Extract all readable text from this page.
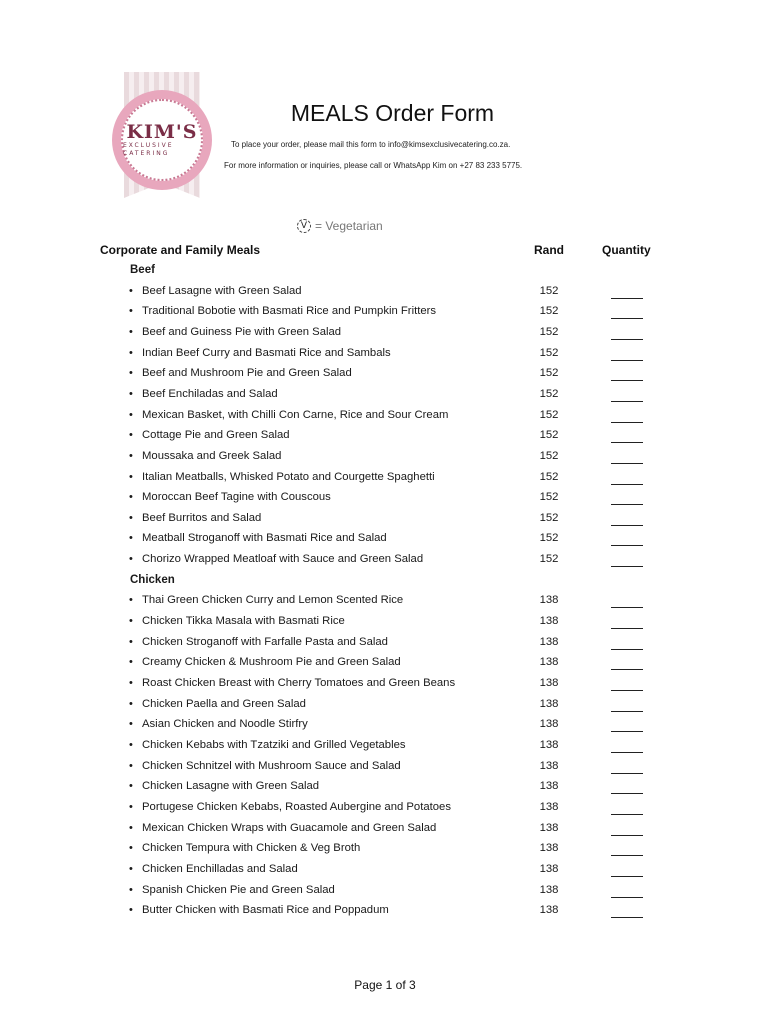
KIM'S
EXCLUSIVE CATERING
MEALS Order Form
To place your order, please mail this form to info@kimsexclusivecatering.co.za.
For more information or inquiries, please call or WhatsApp Kim on +27 83 233 5775.
V = Vegetarian
Corporate and Family Meals	Rand	Quantity
Beef
• Beef Lasagne with Green Salad	152
• Traditional Bobotie with Basmati Rice and Pumpkin Fritters	152
• Beef and Guiness Pie with Green Salad	152
• Indian Beef Curry and Basmati Rice and Sambals	152
• Beef and Mushroom Pie and Green Salad	152
• Beef Enchiladas and Salad	152
• Mexican Basket, with Chilli Con Carne, Rice and Sour Cream	152
• Cottage Pie and Green Salad	152
• Moussaka and Greek Salad	152
• Italian Meatballs, Whisked Potato and Courgette Spaghetti	152
• Moroccan Beef Tagine with Couscous	152
• Beef Burritos and Salad	152
• Meatball Stroganoff with Basmati Rice and Salad	152
• Chorizo Wrapped Meatloaf with Sauce and Green Salad	152
Chicken
• Thai Green Chicken Curry and Lemon Scented Rice	138
• Chicken Tikka Masala with Basmati Rice	138
• Chicken Stroganoff with Farfalle Pasta and Salad	138
• Creamy Chicken & Mushroom Pie and Green Salad	138
• Roast Chicken Breast with Cherry Tomatoes and Green Beans	138
• Chicken Paella and Green Salad	138
• Asian Chicken and Noodle Stirfry	138
• Chicken Kebabs with Tzatziki and Grilled Vegetables	138
• Chicken Schnitzel with Mushroom Sauce and Salad	138
• Chicken Lasagne with Green Salad	138
• Portugese Chicken Kebabs, Roasted Aubergine and Potatoes	138
• Mexican Chicken Wraps with Guacamole and Green Salad	138
• Chicken Tempura with Chicken & Veg Broth	138
• Chicken Enchilladas and Salad	138
• Spanish Chicken Pie and Green Salad	138
• Butter Chicken with Basmati Rice and Poppadum	138
Page 1 of 3
